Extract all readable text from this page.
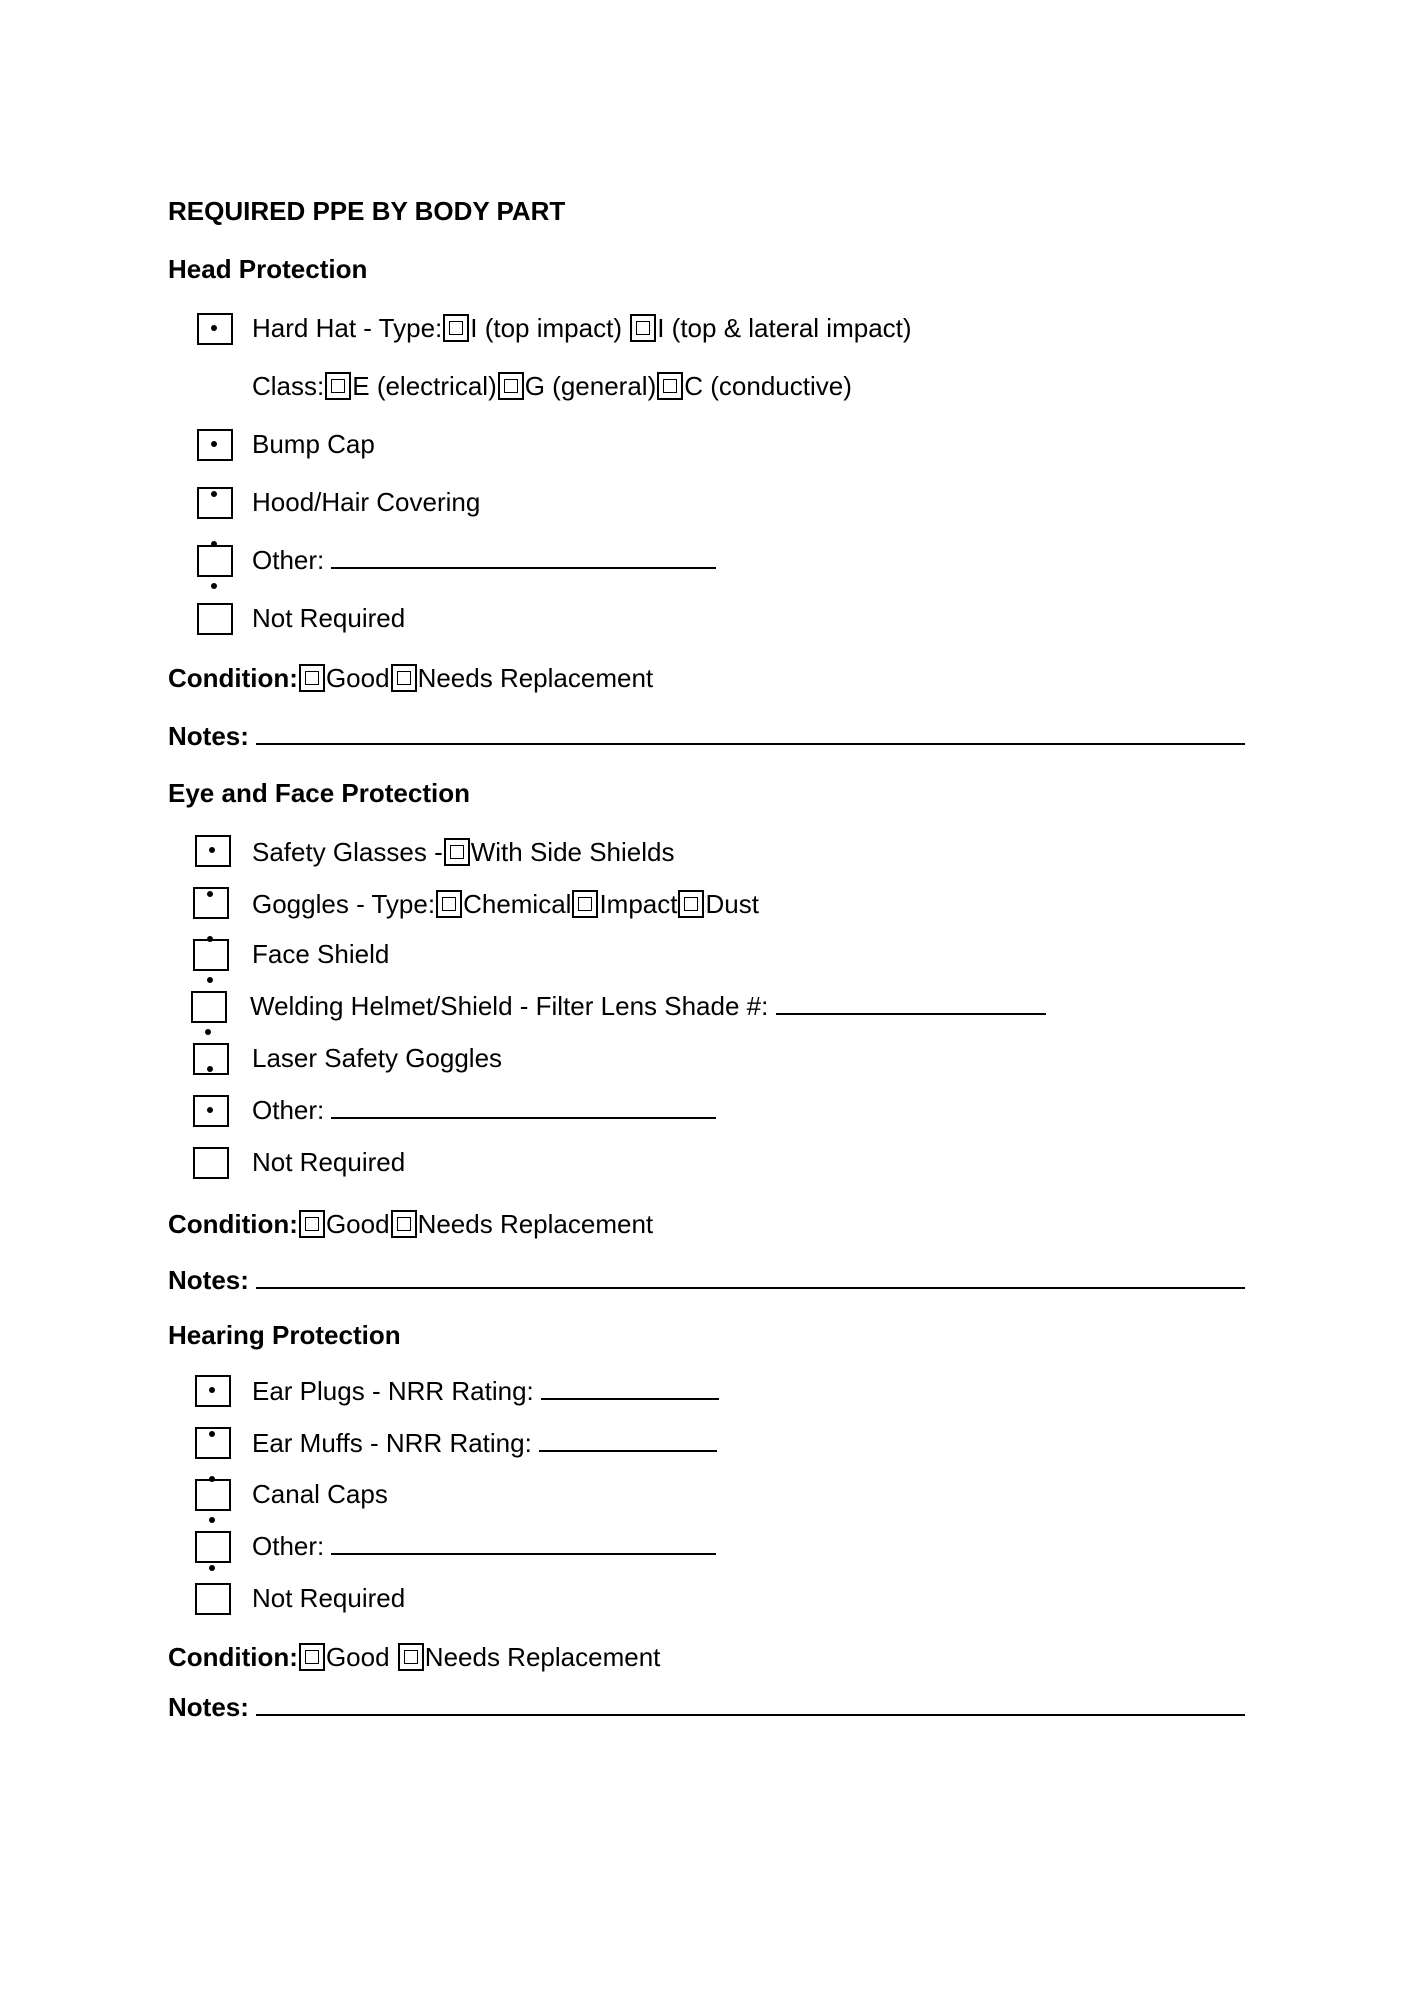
REQUIRED PPE BY BODY PART
Head Protection
Hard Hat - Type: I (top impact) I (top & lateral impact)
Class: E (electrical) G (general) C (conductive)
Bump Cap
Hood/Hair Covering
Other:
Not Required
Condition: Good Needs Replacement
Notes:
Eye and Face Protection
Safety Glasses - With Side Shields
Goggles - Type: Chemical Impact Dust
Face Shield
Welding Helmet/Shield - Filter Lens Shade #:
Laser Safety Goggles
Other:
Not Required
Condition: Good Needs Replacement
Notes:
Hearing Protection
Ear Plugs - NRR Rating:
Ear Muffs - NRR Rating:
Canal Caps
Other:
Not Required
Condition: Good Needs Replacement
Notes:
